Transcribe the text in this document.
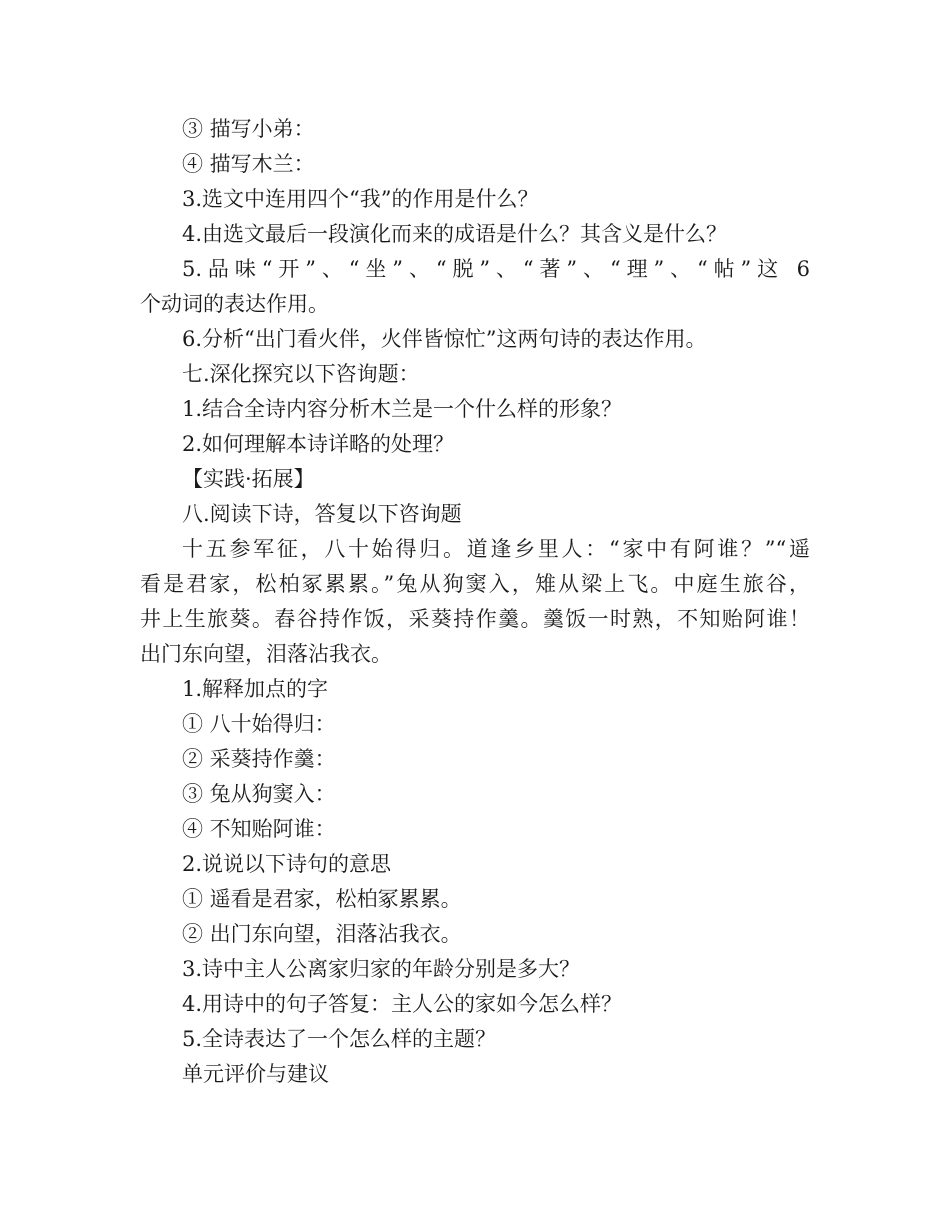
③ 描写小弟：
④ 描写木兰：
3.选文中连用四个“我”的作用是什么？
4.由选文最后一段演化而来的成语是什么？其含义是什么？
5.品味“开”、“坐”、“脱”、“著”、“理”、“帖”这 6
个动词的表达作用。
6.分析“出门看火伴，火伴皆惊忙”这两句诗的表达作用。
七.深化探究以下咨询题：
1.结合全诗内容分析木兰是一个什么样的形象？
2.如何理解本诗详略的处理？
【实践·拓展】
八.阅读下诗，答复以下咨询题
十五参军征，八十始得归。道逢乡里人：“家中有阿谁？”“遥
看是君家，松柏冢累累。”兔从狗窦入，雉从梁上飞。中庭生旅谷，
井上生旅葵。舂谷持作饭，采葵持作羹。羹饭一时熟，不知贻阿谁！
出门东向望，泪落沾我衣。
1.解释加点的字
① 八十始得归：
② 采葵持作羹：
③ 兔从狗窦入：
④ 不知贻阿谁：
2.说说以下诗句的意思
① 遥看是君家，松柏冢累累。
② 出门东向望，泪落沾我衣。
3.诗中主人公离家归家的年龄分别是多大？
4.用诗中的句子答复：主人公的家如今怎么样？
5.全诗表达了一个怎么样的主题？
单元评价与建议
